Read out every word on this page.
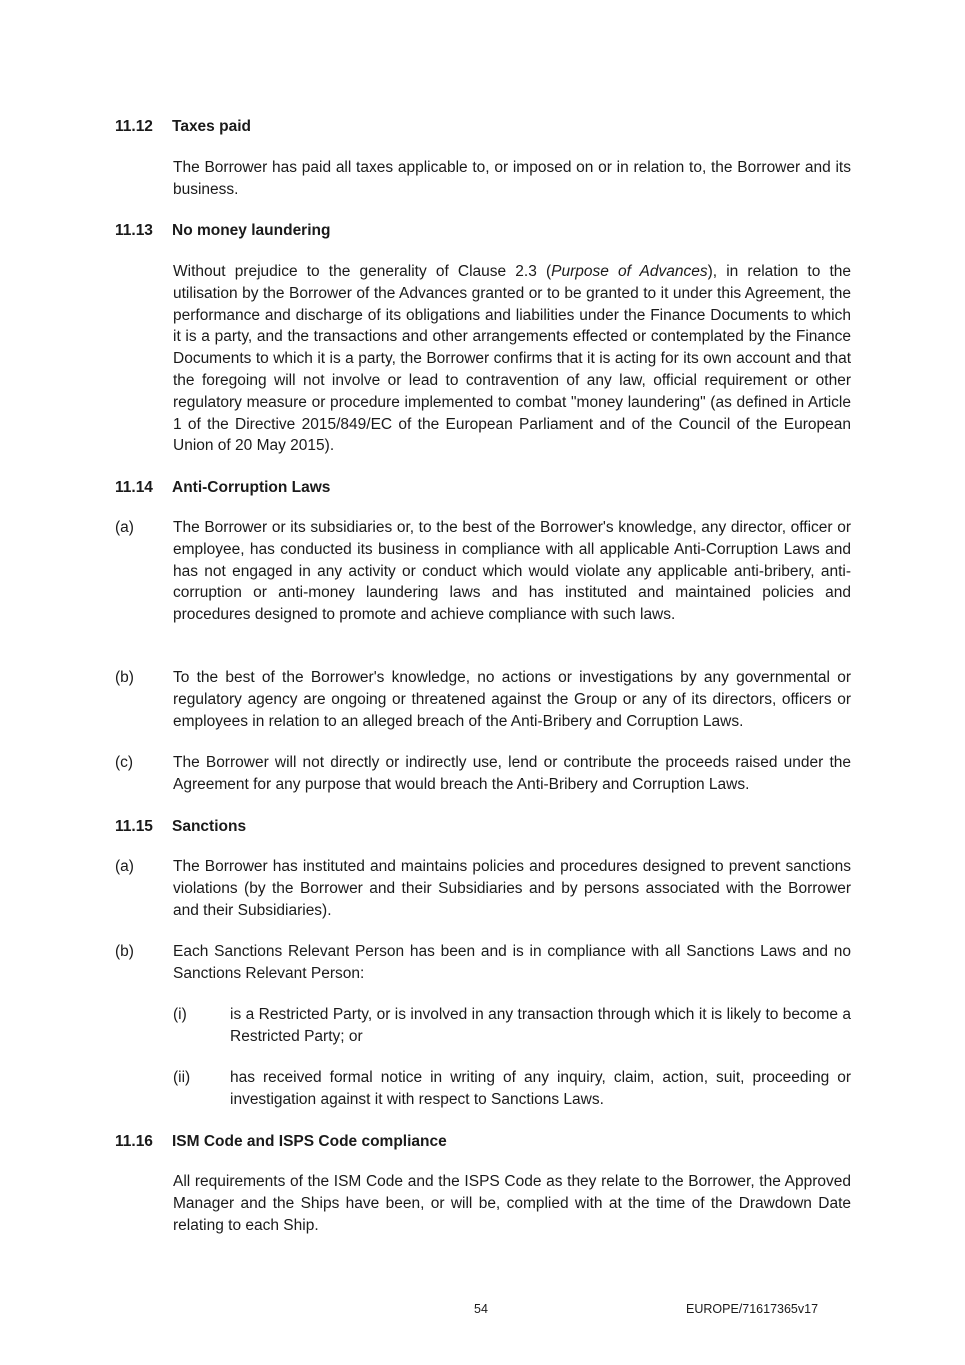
11.12 Taxes paid
The Borrower has paid all taxes applicable to, or imposed on or in relation to, the Borrower and its business.
11.13 No money laundering
Without prejudice to the generality of Clause 2.3 (Purpose of Advances), in relation to the utilisation by the Borrower of the Advances granted or to be granted to it under this Agreement, the performance and discharge of its obligations and liabilities under the Finance Documents to which it is a party, and the transactions and other arrangements effected or contemplated by the Finance Documents to which it is a party, the Borrower confirms that it is acting for its own account and that the foregoing will not involve or lead to contravention of any law, official requirement or other regulatory measure or procedure implemented to combat "money laundering" (as defined in Article 1 of the Directive 2015/849/EC of the European Parliament and of the Council of the European Union of 20 May 2015).
11.14 Anti-Corruption Laws
(a)	The Borrower or its subsidiaries or, to the best of the Borrower's knowledge, any director, officer or employee, has conducted its business in compliance with all applicable Anti-Corruption Laws and has not engaged in any activity or conduct which would violate any applicable anti-bribery, anti-corruption or anti-money laundering laws and has instituted and maintained policies and procedures designed to promote and achieve compliance with such laws.
(b)	To the best of the Borrower's knowledge, no actions or investigations by any governmental or regulatory agency are ongoing or threatened against the Group or any of its directors, officers or employees in relation to an alleged breach of the Anti-Bribery and Corruption Laws.
(c)	The Borrower will not directly or indirectly use, lend or contribute the proceeds raised under the Agreement for any purpose that would breach the Anti-Bribery and Corruption Laws.
11.15 Sanctions
(a)	The Borrower has instituted and maintains policies and procedures designed to prevent sanctions violations (by the Borrower and their Subsidiaries and by persons associated with the Borrower and their Subsidiaries).
(b)	Each Sanctions Relevant Person has been and is in compliance with all Sanctions Laws and no Sanctions Relevant Person:
(i)	is a Restricted Party, or is involved in any transaction through which it is likely to become a Restricted Party; or
(ii)	has received formal notice in writing of any inquiry, claim, action, suit, proceeding or investigation against it with respect to Sanctions Laws.
11.16 ISM Code and ISPS Code compliance
All requirements of the ISM Code and the ISPS Code as they relate to the Borrower, the Approved Manager and the Ships have been, or will be, complied with at the time of the Drawdown Date relating to each Ship.
54	EUROPE/71617365v17
